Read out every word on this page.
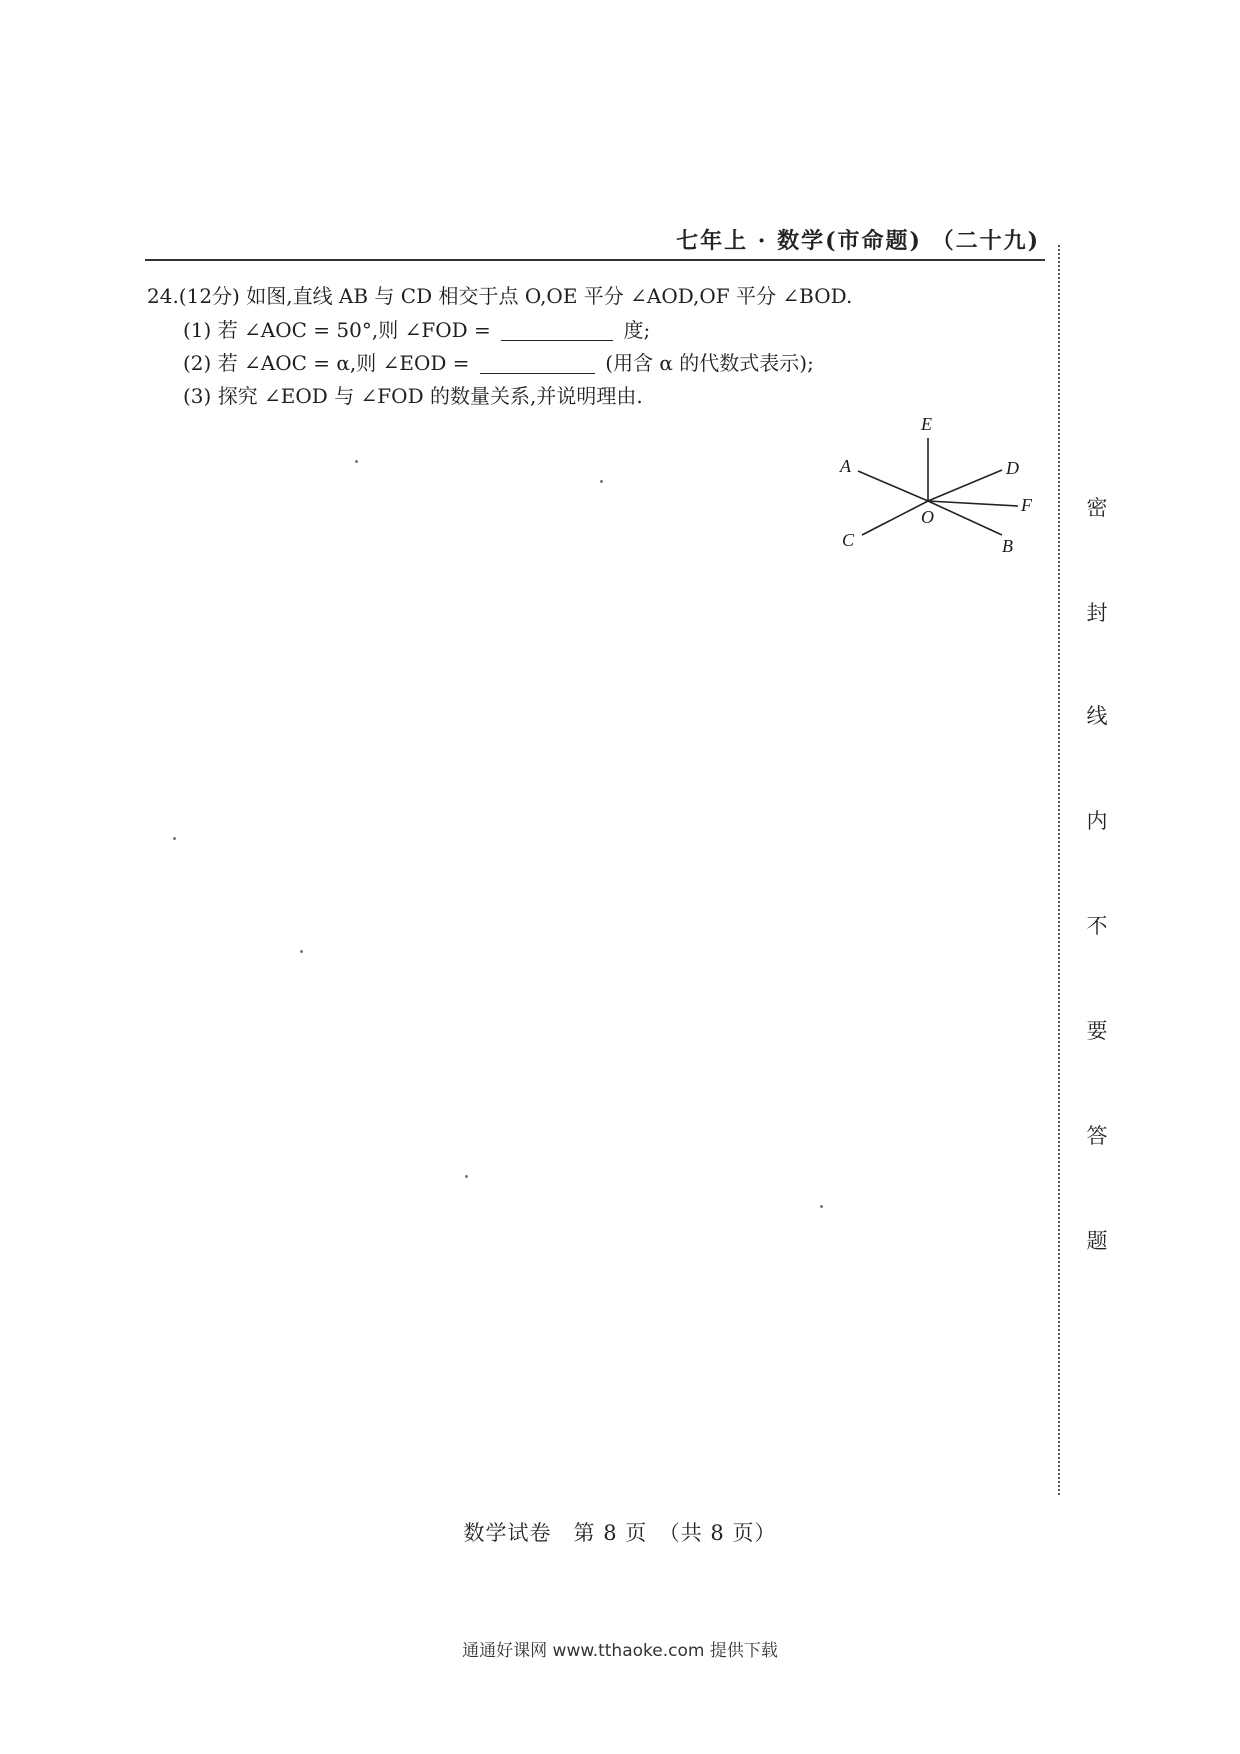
七年上 · 数学(市命题) （二十九)
24.(12分) 如图,直线 AB 与 CD 相交于点 O,OE 平分 ∠AOD,OF 平分 ∠BOD.
(1) 若 ∠AOC = 50°,则 ∠FOD =	度;
(2) 若 ∠AOC = α,则 ∠EOD =	(用含 α 的代数式表示);
(3) 探究 ∠EOD 与 ∠FOD 的数量关系,并说明理由.
A
B
C
D
E
F
O	密
封
线
内
不
要
答
题
数学试卷　第 8 页　（共 8 页）
通通好课网 www.tthaoke.com 提供下载
